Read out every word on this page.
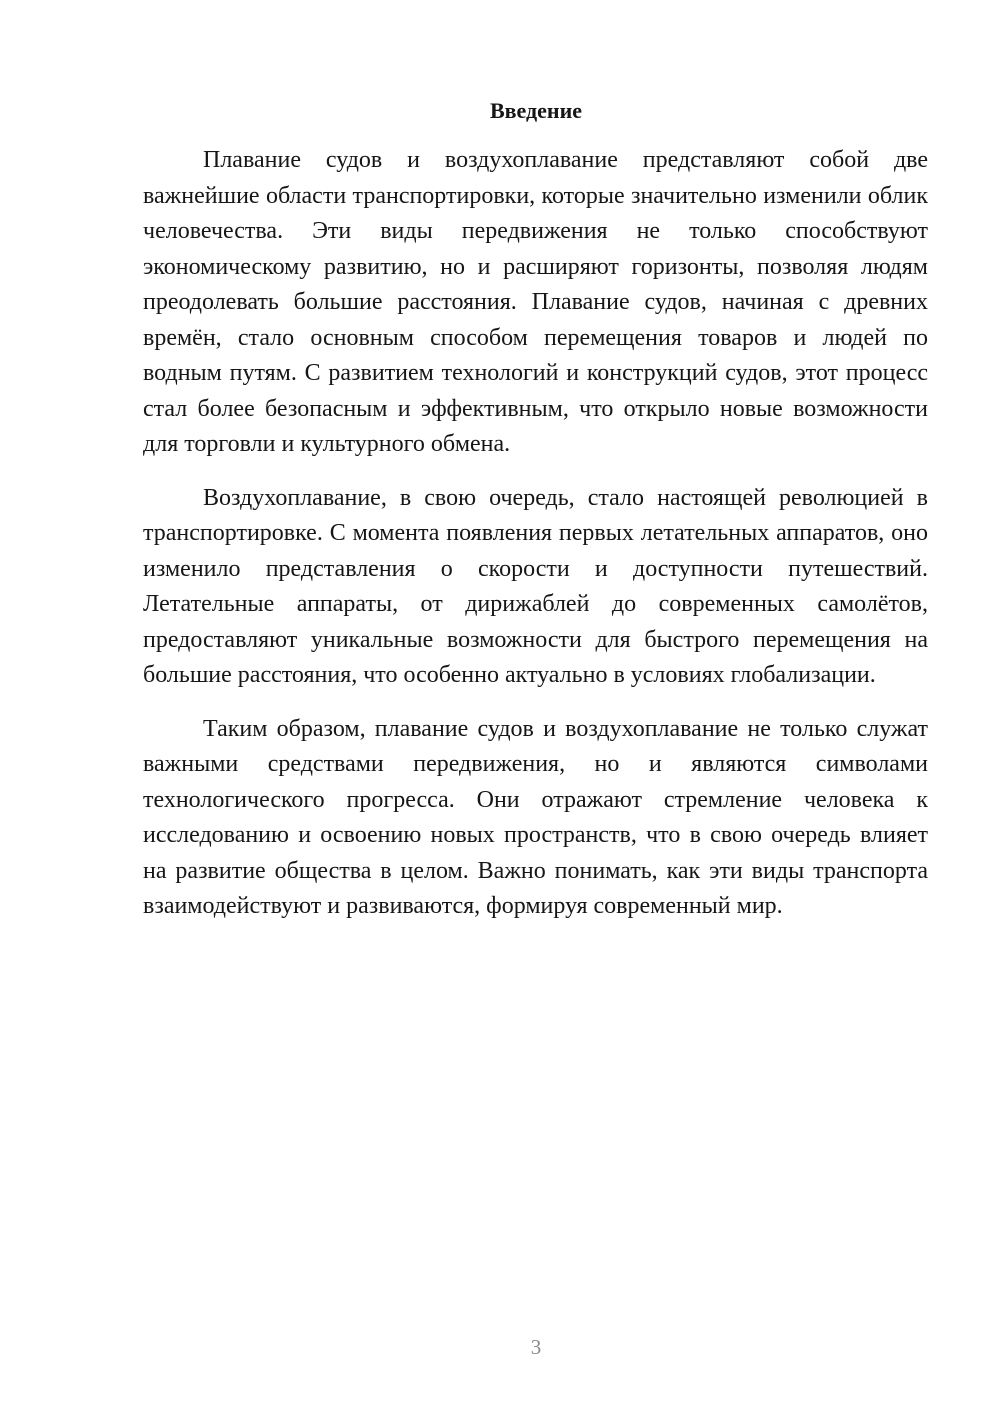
Введение

Плавание судов и воздухоплавание представляют собой две важнейшие области транспортировки, которые значительно изменили облик человечества. Эти виды передвижения не только способствуют экономическому развитию, но и расширяют горизонты, позволяя людям преодолевать большие расстояния. Плавание судов, начиная с древних времён, стало основным способом перемещения товаров и людей по водным путям. С развитием технологий и конструкций судов, этот процесс стал более безопасным и эффективным, что открыло новые возможности для торговли и культурного обмена.

Воздухоплавание, в свою очередь, стало настоящей революцией в транспортировке. С момента появления первых летательных аппаратов, оно изменило представления о скорости и доступности путешествий. Летательные аппараты, от дирижаблей до современных самолётов, предоставляют уникальные возможности для быстрого перемещения на большие расстояния, что особенно актуально в условиях глобализации.

Таким образом, плавание судов и воздухоплавание не только служат важными средствами передвижения, но и являются символами технологического прогресса. Они отражают стремление человека к исследованию и освоению новых пространств, что в свою очередь влияет на развитие общества в целом. Важно понимать, как эти виды транспорта взаимодействуют и развиваются, формируя современный мир.

3
